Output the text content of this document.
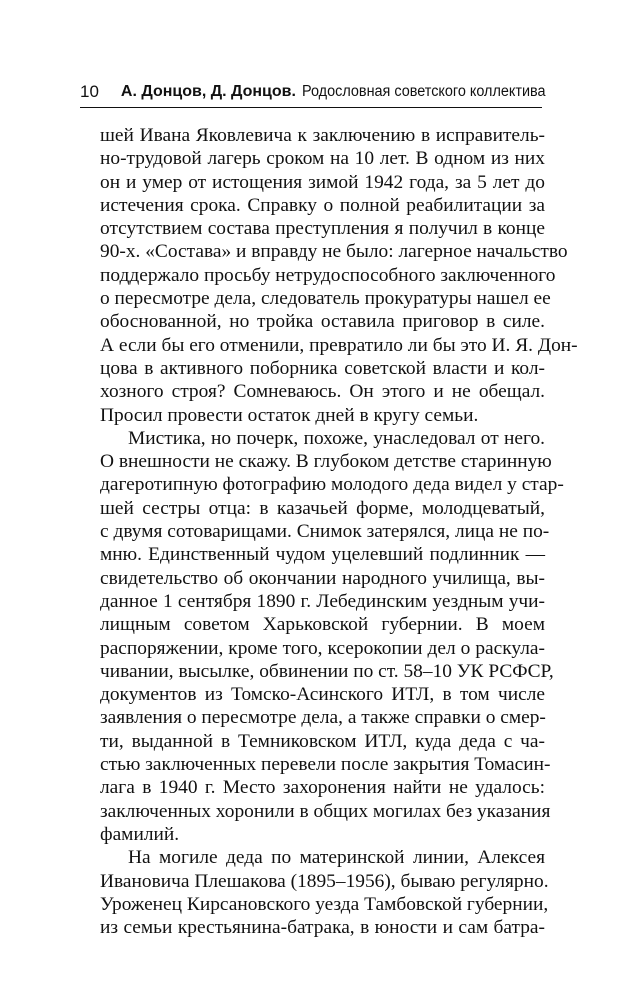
10 А. Донцов, Д. Донцов. Родословная советского коллектива
шей Ивана Яковлевича к заключению в исправитель-
но-трудовой лагерь сроком на 10 лет. В одном из них
он и умер от истощения зимой 1942 года, за 5 лет до
истечения срока. Справку о полной реабилитации за
отсутствием состава преступления я получил в конце
90-х. «Состава» и вправду не было: лагерное начальство
поддержало просьбу нетрудоспособного заключенного
о пересмотре дела, следователь прокуратуры нашел ее
обоснованной, но тройка оставила приговор в силе.
А если бы его отменили, превратило ли бы это И. Я. Дон-
цова в активного поборника советской власти и кол-
хозного строя? Сомневаюсь. Он этого и не обещал.
Просил провести остаток дней в кругу семьи.
Мистика, но почерк, похоже, унаследовал от него.
О внешности не скажу. В глубоком детстве старинную
дагеротипную фотографию молодого деда видел у стар-
шей сестры отца: в казачьей форме, молодцеватый,
с двумя сотоварищами. Снимок затерялся, лица не по-
мню. Единственный чудом уцелевший подлинник —
свидетельство об окончании народного училища, вы-
данное 1 сентября 1890 г. Лебединским уездным учи-
лищным советом Харьковской губернии. В моем
распоряжении, кроме того, ксерокопии дел о раскула-
чивании, высылке, обвинении по ст. 58–10 УК РСФСР,
документов из Томско-Асинского ИТЛ, в том числе
заявления о пересмотре дела, а также справки о смер-
ти, выданной в Темниковском ИТЛ, куда деда с ча-
стью заключенных перевели после закрытия Томасин-
лага в 1940 г. Место захоронения найти не удалось:
заключенных хоронили в общих могилах без указания
фамилий.
На могиле деда по материнской линии, Алексея
Ивановича Плешакова (1895–1956), бываю регулярно.
Уроженец Кирсановского уезда Тамбовской губернии,
из семьи крестьянина-батрака, в юности и сам батра-
